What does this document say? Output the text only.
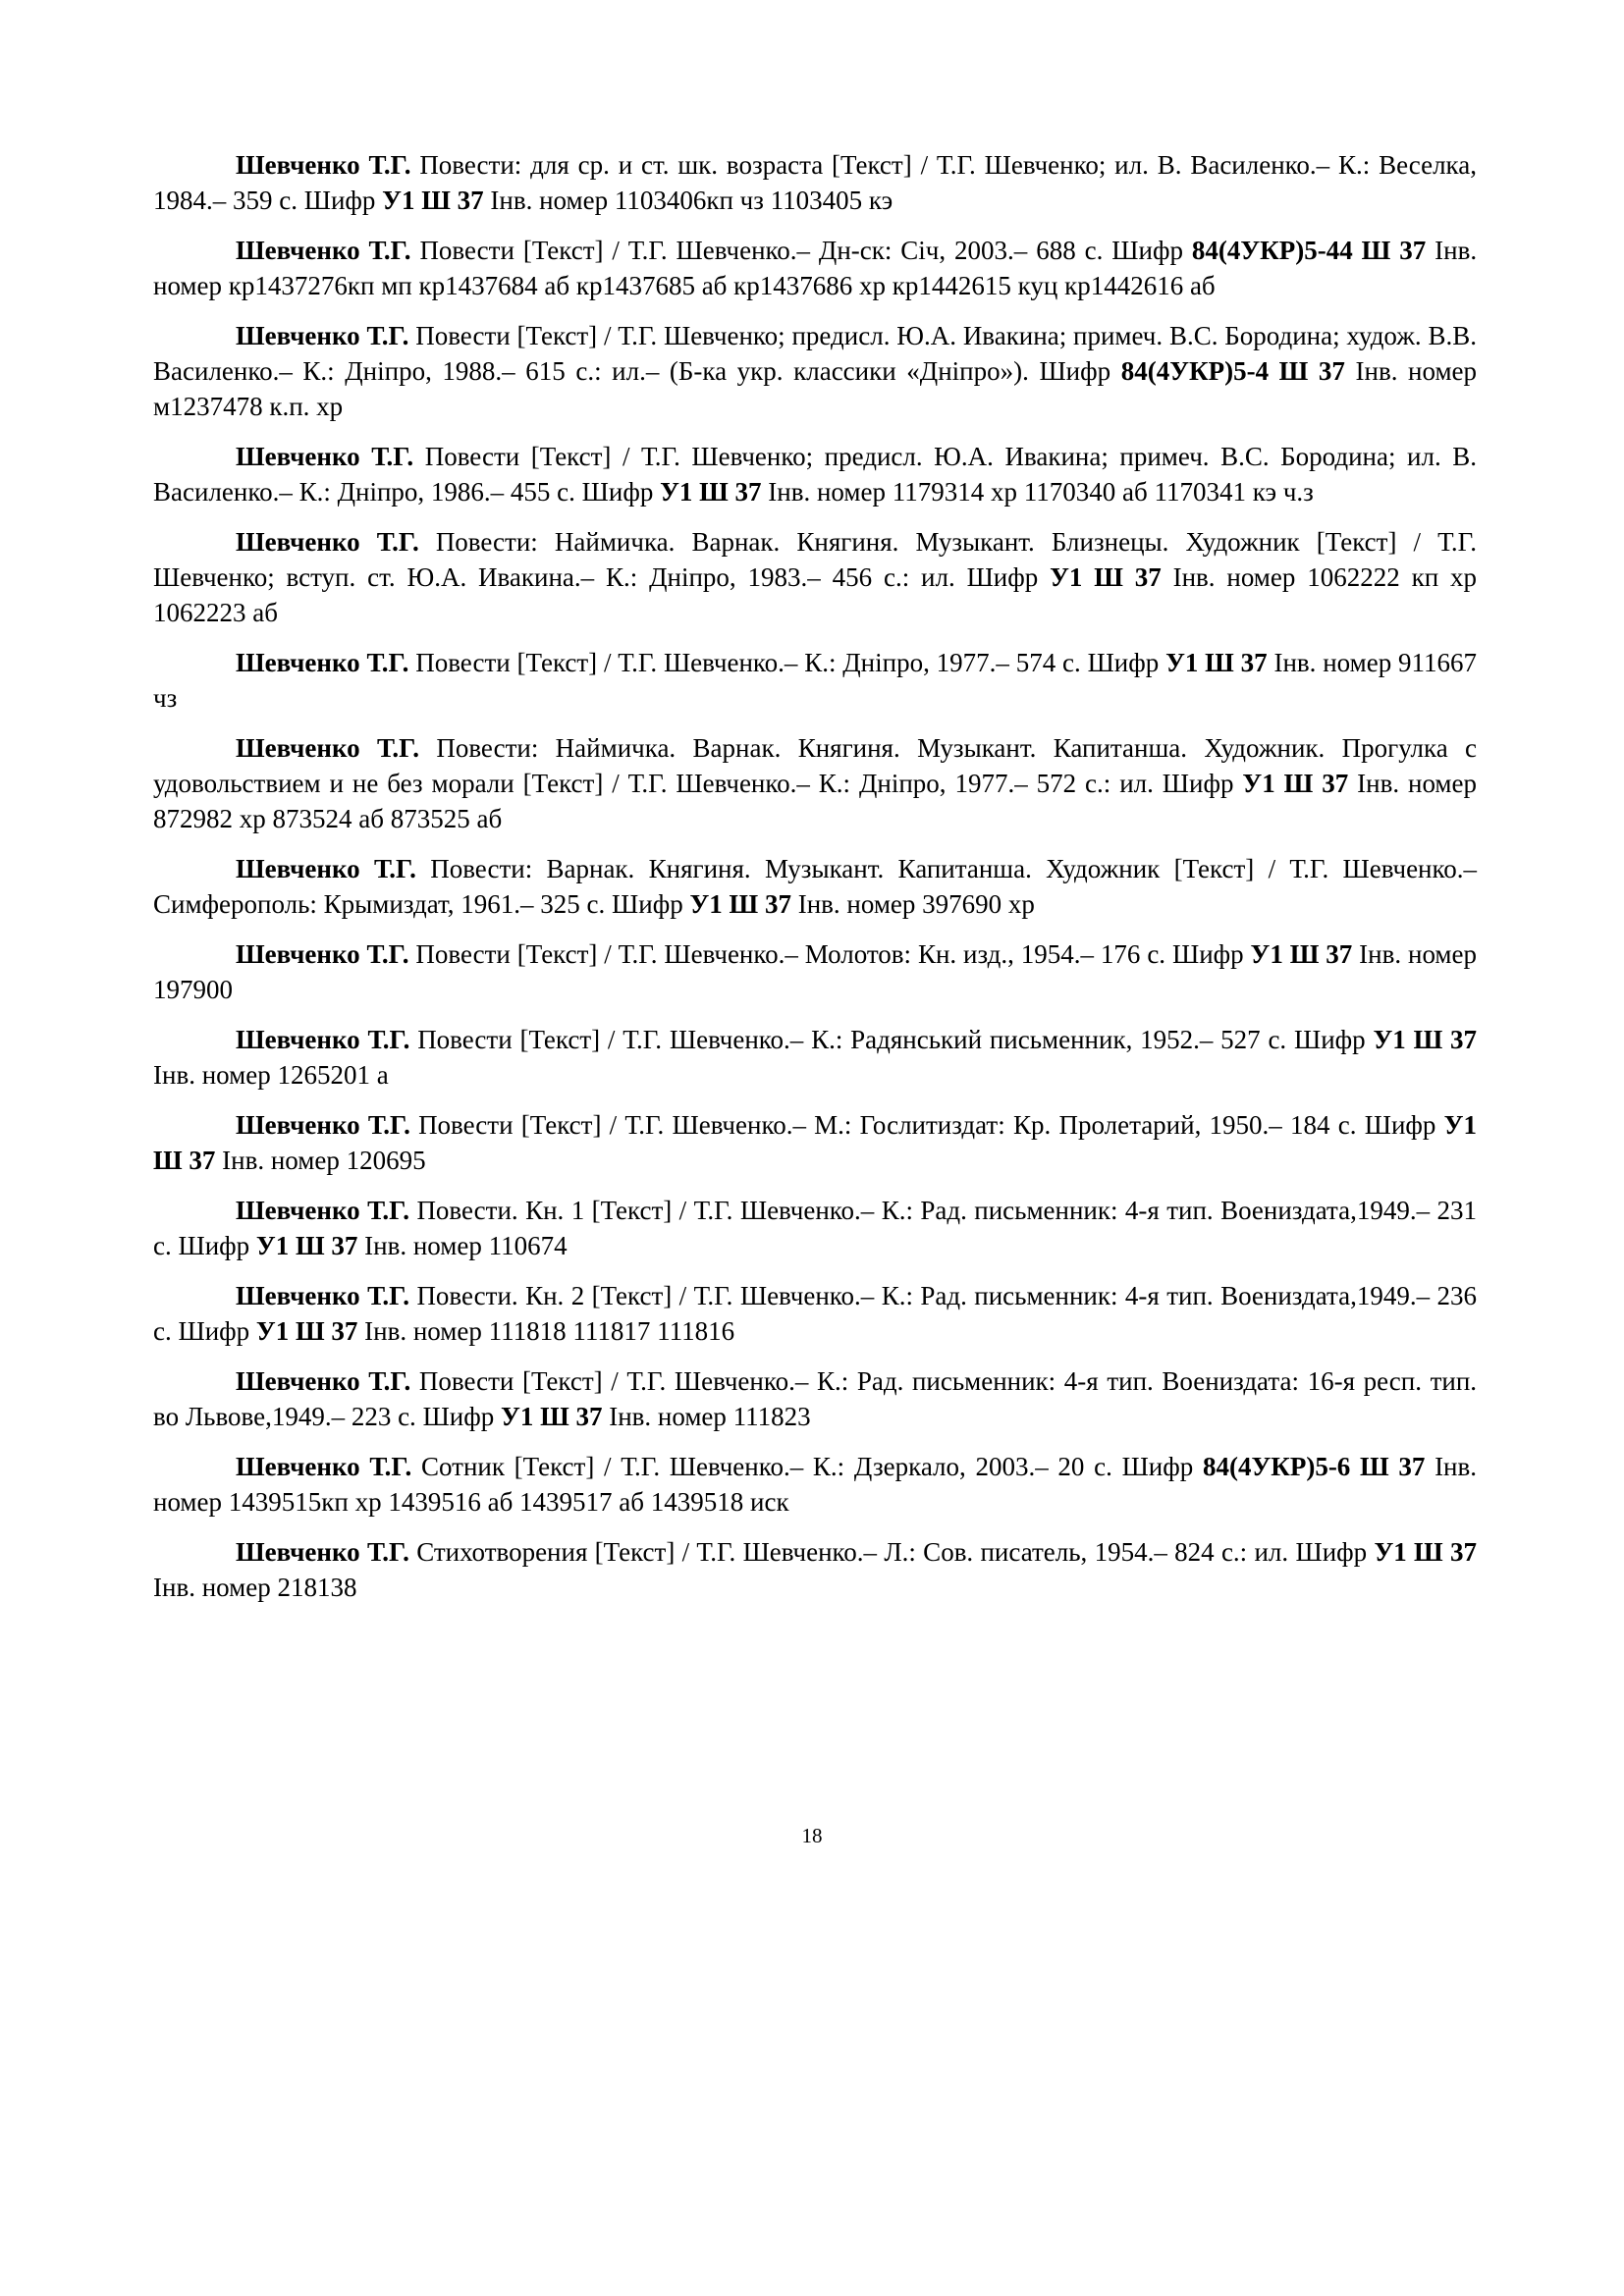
Шевченко Т.Г. Повести: для ср. и ст. шк. возраста [Текст] / Т.Г. Шевченко; ил. В. Василенко.– К.: Веселка, 1984.– 359 с. Шифр У1 Ш 37 Інв. номер 1103406кп чз 1103405 кэ

Шевченко Т.Г. Повести [Текст] / Т.Г. Шевченко.– Дн-ск: Січ, 2003.– 688 с. Шифр 84(4УКР)5-44 Ш 37 Інв. номер кр1437276кп мп кр1437684 аб кр1437685 аб кр1437686 хр кр1442615 куц кр1442616 аб

Шевченко Т.Г. Повести [Текст] / Т.Г. Шевченко; предисл. Ю.А. Ивакина; примеч. В.С. Бородина; худож. В.В. Василенко.– К.: Дніпро, 1988.– 615 с.: ил.– (Б-ка укр. классики «Дніпро»). Шифр 84(4УКР)5-4 Ш 37 Інв. номер м1237478 к.п. хр

Шевченко Т.Г. Повести [Текст] / Т.Г. Шевченко; предисл. Ю.А. Ивакина; примеч. В.С. Бородина; ил. В. Василенко.– К.: Дніпро, 1986.– 455 с. Шифр У1 Ш 37 Інв. номер 1179314 хр 1170340 аб 1170341 кэ ч.з

Шевченко Т.Г. Повести: Наймичка. Варнак. Княгиня. Музыкант. Близнецы. Художник [Текст] / Т.Г. Шевченко; вступ. ст. Ю.А. Ивакина.– К.: Дніпро, 1983.– 456 с.: ил. Шифр У1 Ш 37 Інв. номер 1062222 кп хр 1062223 аб

Шевченко Т.Г. Повести [Текст] / Т.Г. Шевченко.– К.: Дніпро, 1977.– 574 с. Шифр У1 Ш 37 Інв. номер 911667 чз

Шевченко Т.Г. Повести: Наймичка. Варнак. Княгиня. Музыкант. Капитанша. Художник. Прогулка с удовольствием и не без морали [Текст] / Т.Г. Шевченко.– К.: Дніпро, 1977.– 572 с.: ил. Шифр У1 Ш 37 Інв. номер 872982 хр 873524 аб 873525 аб

Шевченко Т.Г. Повести: Варнак. Княгиня. Музыкант. Капитанша. Художник [Текст] / Т.Г. Шевченко.– Симферополь: Крымиздат, 1961.– 325 с. Шифр У1 Ш 37 Інв. номер 397690 хр

Шевченко Т.Г. Повести [Текст] / Т.Г. Шевченко.– Молотов: Кн. изд., 1954.– 176 с. Шифр У1 Ш 37 Інв. номер 197900

Шевченко Т.Г. Повести [Текст] / Т.Г. Шевченко.– К.: Радянський письменник, 1952.– 527 с. Шифр У1 Ш 37 Інв. номер 1265201 а

Шевченко Т.Г. Повести [Текст] / Т.Г. Шевченко.– М.: Гослитиздат: Кр. Пролетарий, 1950.– 184 с. Шифр У1 Ш 37 Інв. номер 120695

Шевченко Т.Г. Повести. Кн. 1 [Текст] / Т.Г. Шевченко.– К.: Рад. письменник: 4-я тип. Воениздата,1949.– 231 с. Шифр У1 Ш 37 Інв. номер 110674

Шевченко Т.Г. Повести. Кн. 2 [Текст] / Т.Г. Шевченко.– К.: Рад. письменник: 4-я тип. Воениздата,1949.– 236 с. Шифр У1 Ш 37 Інв. номер 111818 111817 111816

Шевченко Т.Г. Повести [Текст] / Т.Г. Шевченко.– К.: Рад. письменник: 4-я тип. Воениздата: 16-я респ. тип. во Львове,1949.– 223 с. Шифр У1 Ш 37 Інв. номер 111823

Шевченко Т.Г. Сотник [Текст] / Т.Г. Шевченко.– К.: Дзеркало, 2003.– 20 с. Шифр 84(4УКР)5-6 Ш 37 Інв. номер 1439515кп хр 1439516 аб 1439517 аб 1439518 иск

Шевченко Т.Г. Стихотворения [Текст] / Т.Г. Шевченко.– Л.: Сов. писатель, 1954.– 824 с.: ил. Шифр У1 Ш 37 Інв. номер 218138

18
